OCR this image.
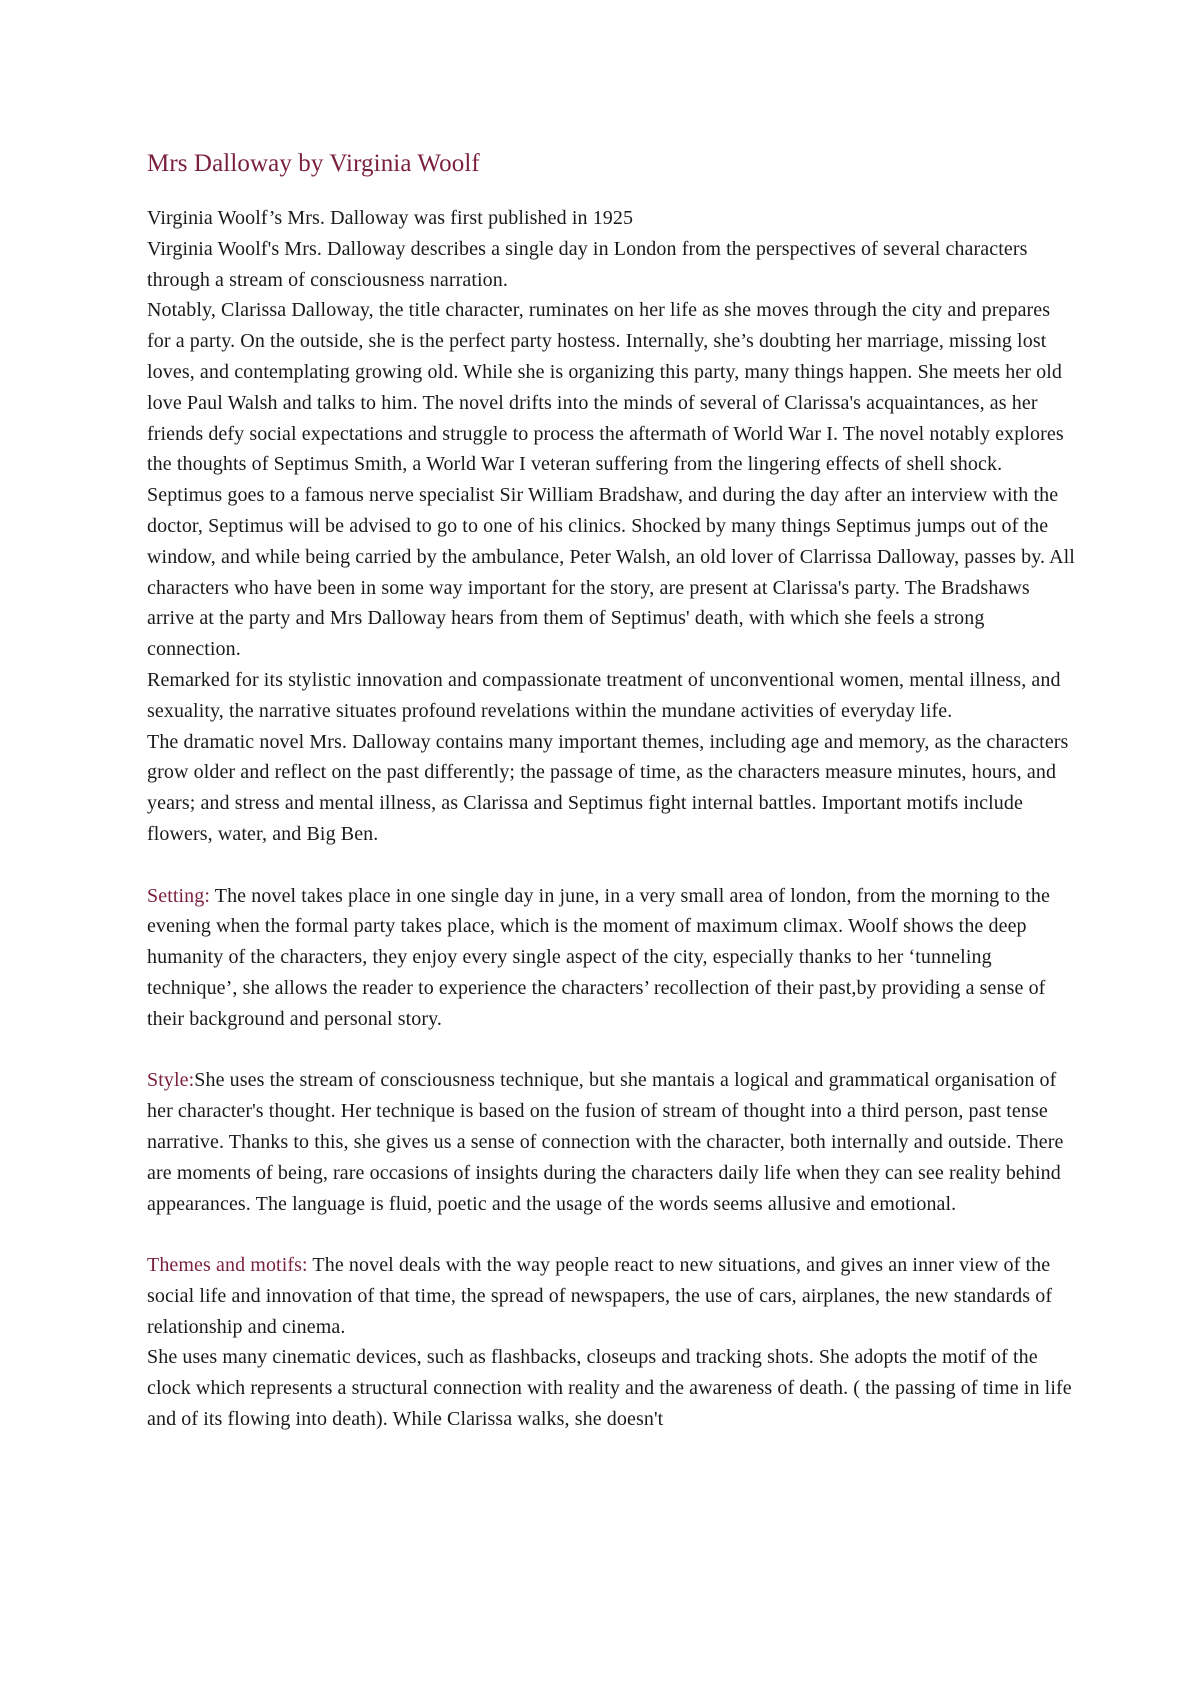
Mrs Dalloway by Virginia Woolf

Virginia Woolf’s Mrs. Dalloway was first published in 1925

Virginia Woolf's Mrs. Dalloway describes a single day in London from the perspectives of several characters through a stream of consciousness narration.

Notably, Clarissa Dalloway, the title character, ruminates on her life as she moves through the city and prepares for a party. On the outside, she is the perfect party hostess. Internally, she’s doubting her marriage, missing lost loves, and contemplating growing old. While she is organizing this party, many things happen. She meets her old love Paul Walsh and talks to him. The novel drifts into the minds of several of Clarissa's acquaintances, as her friends defy social expectations and struggle to process the aftermath of World War I. The novel notably explores the thoughts of Septimus Smith, a World War I veteran suffering from the lingering effects of shell shock. Septimus goes to a famous nerve specialist Sir William Bradshaw, and during the day after an interview with the doctor, Septimus will be advised to go to one of his clinics. Shocked by many things Septimus jumps out of the window, and while being carried by the ambulance, Peter Walsh, an old lover of Clarrissa Dalloway, passes by. All characters who have been in some way important for the story, are present at Clarissa's party. The Bradshaws arrive at the party and Mrs Dalloway hears from them of Septimus' death, with which she feels a strong connection.

Remarked for its stylistic innovation and compassionate treatment of unconventional women, mental illness, and sexuality, the narrative situates profound revelations within the mundane activities of everyday life.

The dramatic novel Mrs. Dalloway contains many important themes, including age and memory, as the characters grow older and reflect on the past differently; the passage of time, as the characters measure minutes, hours, and years; and stress and mental illness, as Clarissa and Septimus fight internal battles. Important motifs include flowers, water, and Big Ben.

Setting: The novel takes place in one single day in june, in a very small area of london, from the morning to the evening when the formal party takes place, which is the moment of maximum climax. Woolf shows the deep humanity of the characters, they enjoy every single aspect of the city, especially thanks to her ‘tunneling technique’, she allows the reader to experience the characters’ recollection of their past,by providing a sense of their background and personal story.

Style:She uses the stream of consciousness technique, but she mantais a logical and grammatical organisation of her character's thought. Her technique is based on the fusion of stream of thought into a third person, past tense narrative. Thanks to this, she gives us a sense of connection with the character, both internally and outside. There are moments of being, rare occasions of insights during the characters daily life when they can see reality behind appearances. The language is fluid, poetic and the usage of the words seems allusive and emotional.

Themes and motifs: The novel deals with the way people react to new situations, and gives an inner view of the social life and innovation of that time, the spread of newspapers, the use of cars, airplanes, the new standards of relationship and cinema.

She uses many cinematic devices, such as flashbacks, closeups and tracking shots. She adopts the motif of the clock which represents a structural connection with reality and the awareness of death. ( the passing of time in life and of its flowing into death). While Clarissa walks, she doesn't
